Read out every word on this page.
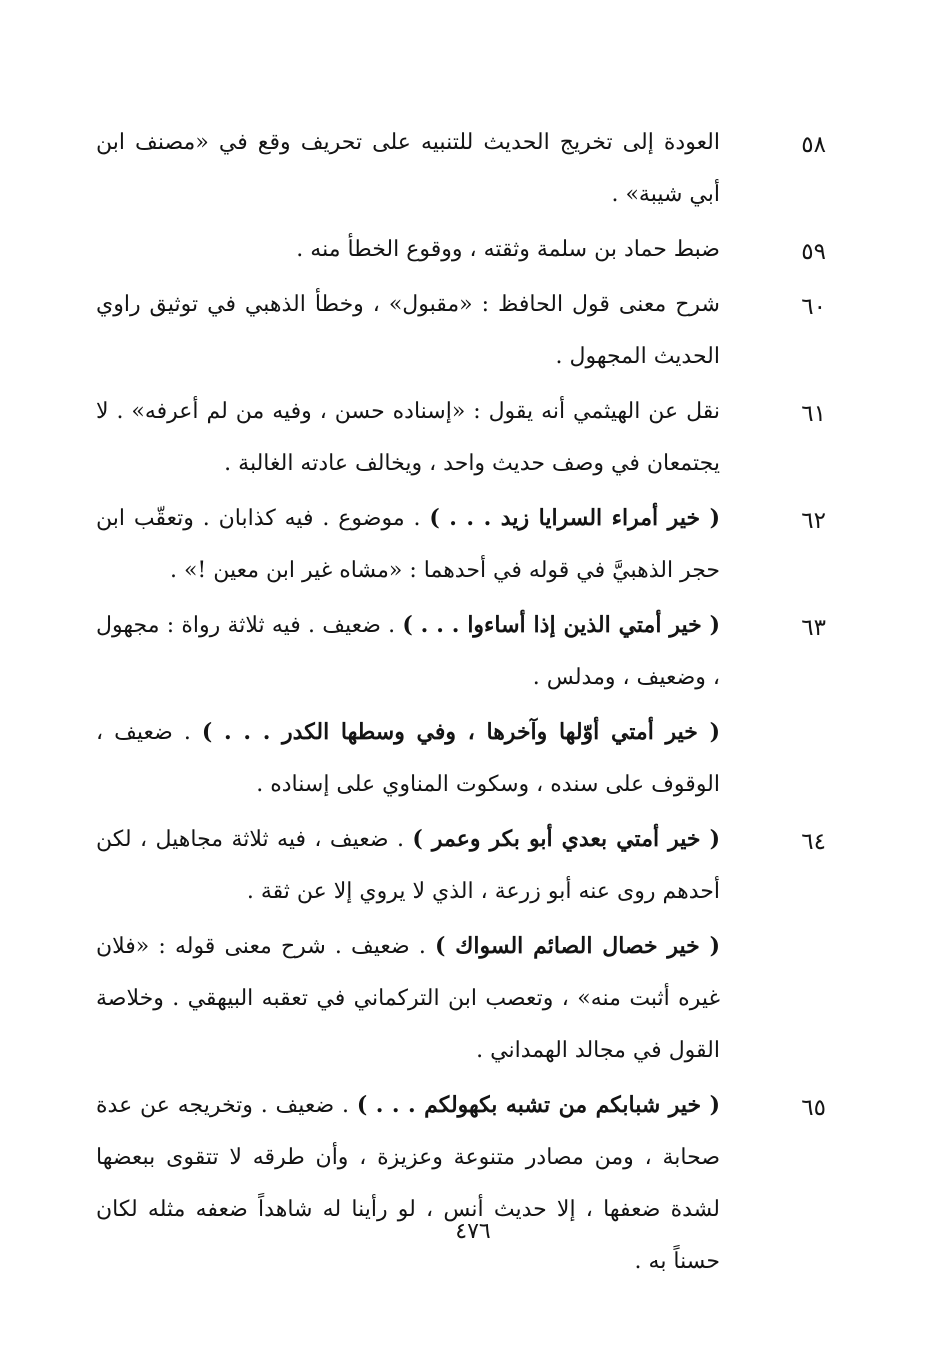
٥٨
العودة إلى تخريج الحديث للتنبيه على تحريف وقع في «مصنف ابن أبي شيبة» .
٥٩
ضبط حماد بن سلمة وثقته ، ووقوع الخطأ منه .
٦٠
شرح معنى قول الحافظ : «مقبول» ، وخطأ الذهبي في توثيق راوي الحديث المجهول .
٦١
نقل عن الهيثمي أنه يقول : «إسناده حسن ، وفيه من لم أعرفه» . لا يجتمعان في وصف حديث واحد ، ويخالف عادته الغالبة .
٦٢
( خير أمراء السرايا زيد . . . ) . موضوع . فيه كذابان . وتعقّب ابن حجر الذهبيَّ في قوله في أحدهما : «مشاه غير ابن معين !» .
٦٣
( خير أمتي الذين إذا أساءوا . . . ) . ضعيف . فيه ثلاثة رواة : مجهول ، وضعيف ، ومدلس .
( خير أمتي أوّلها وآخرها ، وفي وسطها الكدر . . . ) . ضعيف ، الوقوف على سنده ، وسكوت المناوي على إسناده .
٦٤
( خير أمتي بعدي أبو بكر وعمر ) . ضعيف ، فيه ثلاثة مجاهيل ، لكن أحدهم روى عنه أبو زرعة ، الذي لا يروي إلا عن ثقة .
( خير خصال الصائم السواك ) . ضعيف . شرح معنى قوله : «فلان غيره أثبت منه» ، وتعصب ابن التركماني في تعقبه البيهقي . وخلاصة القول في مجالد الهمداني .
٦٥
( خير شبابكم من تشبه بكهولكم . . . ) . ضعيف . وتخريجه عن عدة صحابة ، ومن مصادر متنوعة وعزيزة ، وأن طرقه لا تتقوى ببعضها لشدة ضعفها ، إلا حديث أنس ، لو رأينا له شاهداً ضعفه مثله لكان حسناً به .
٤٧٦
